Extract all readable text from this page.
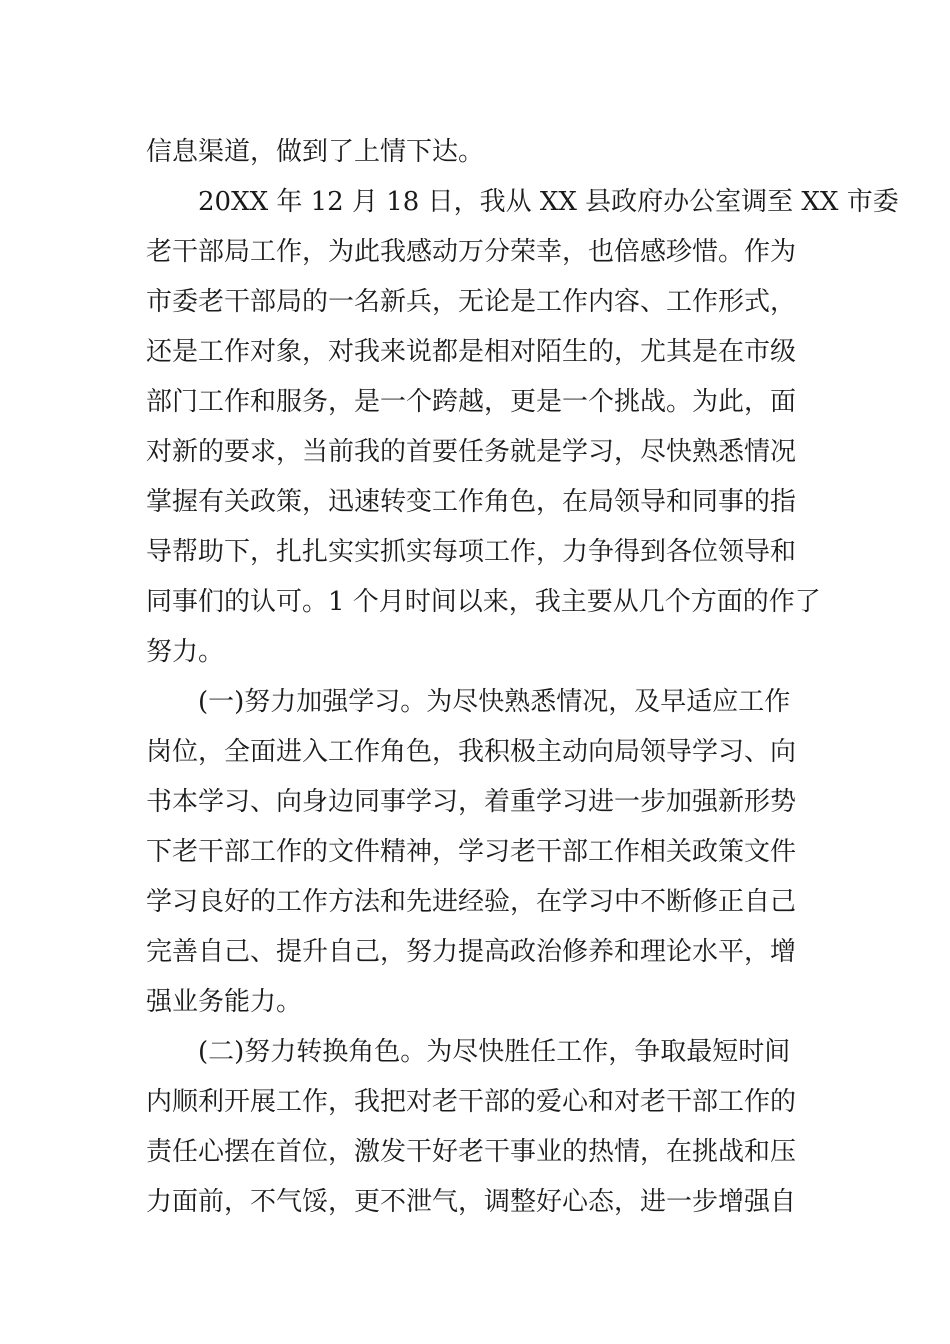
信息渠道，做到了上情下达。
20XX 年 12 月 18 日，我从 XX 县政府办公室调至 XX 市委
老干部局工作，为此我感动万分荣幸，也倍感珍惜。作为
市委老干部局的一名新兵，无论是工作内容、工作形式，
还是工作对象，对我来说都是相对陌生的，尤其是在市级
部门工作和服务，是一个跨越，更是一个挑战。为此，面
对新的要求，当前我的首要任务就是学习，尽快熟悉情况
掌握有关政策，迅速转变工作角色，在局领导和同事的指
导帮助下，扎扎实实抓实每项工作，力争得到各位领导和
同事们的认可。1 个月时间以来，我主要从几个方面的作了
努力。
(一)努力加强学习。为尽快熟悉情况，及早适应工作
岗位，全面进入工作角色，我积极主动向局领导学习、向
书本学习、向身边同事学习，着重学习进一步加强新形势
下老干部工作的文件精神，学习老干部工作相关政策文件
学习良好的工作方法和先进经验，在学习中不断修正自己
完善自己、提升自己，努力提高政治修养和理论水平，增
强业务能力。
(二)努力转换角色。为尽快胜任工作，争取最短时间
内顺利开展工作，我把对老干部的爱心和对老干部工作的
责任心摆在首位，激发干好老干事业的热情，在挑战和压
力面前，不气馁，更不泄气，调整好心态，进一步增强自
